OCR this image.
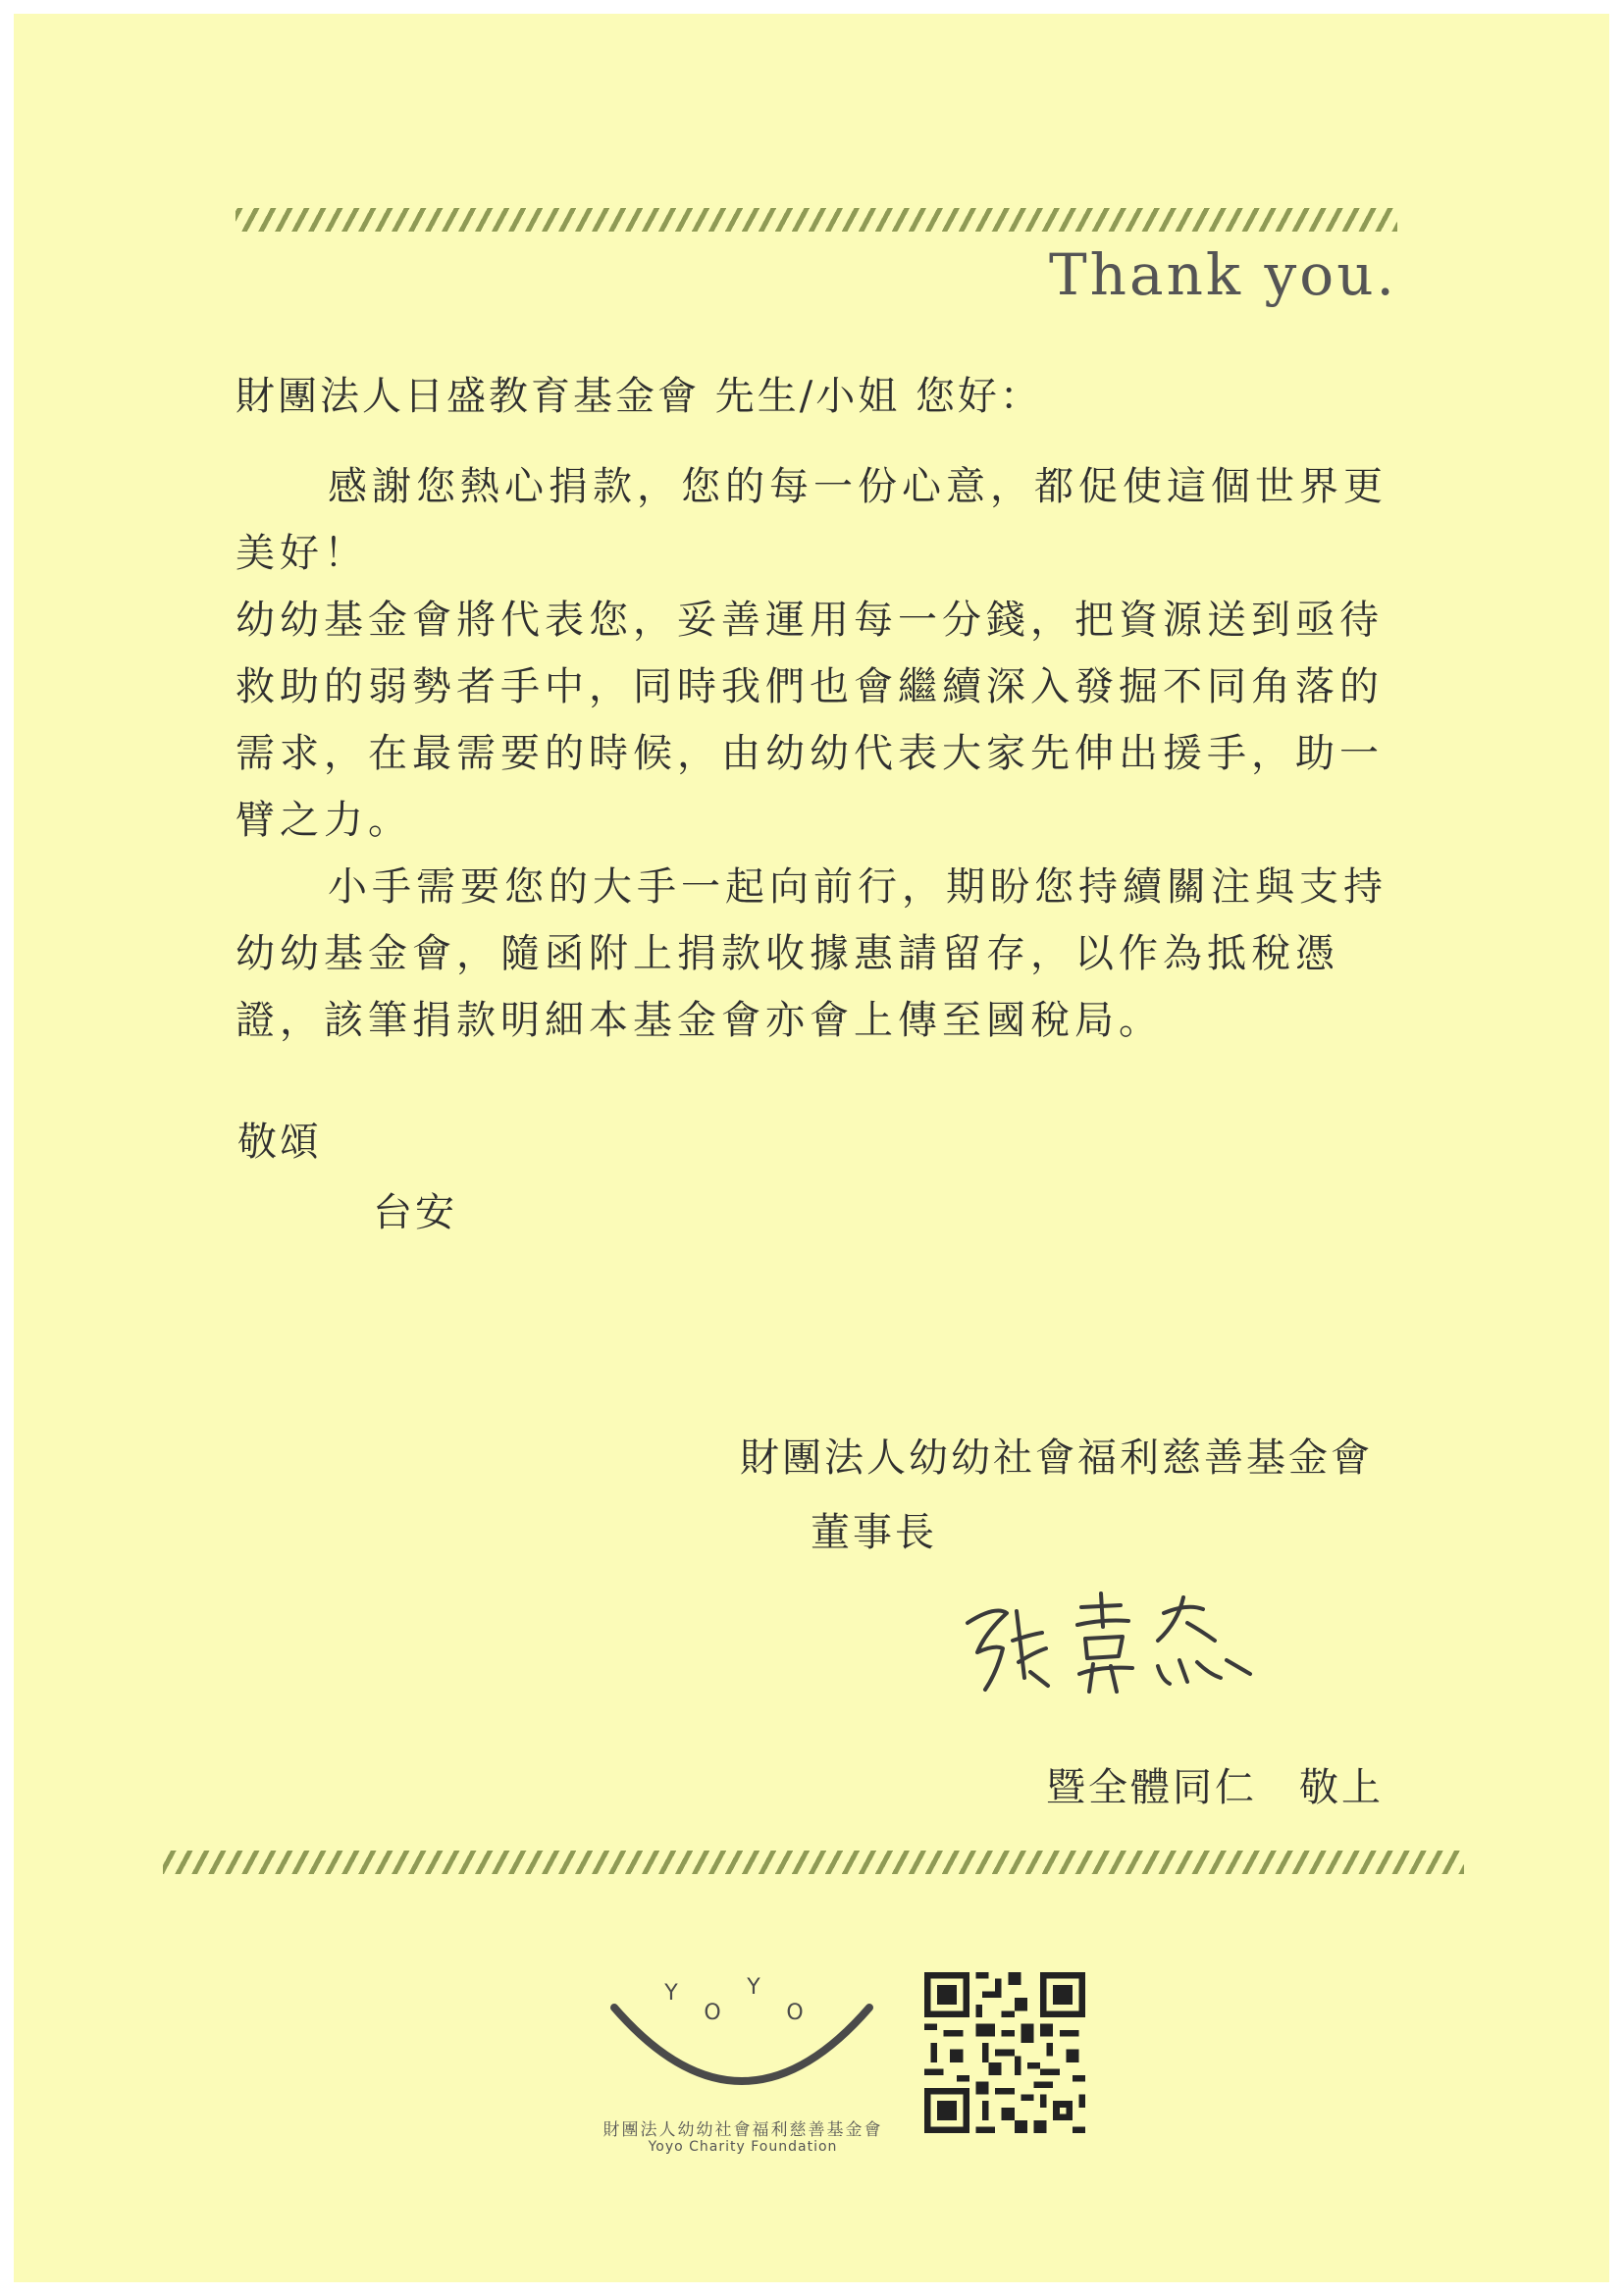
Thank you.
財團法人日盛教育基金會 先生/小姐 您好：
感謝您熱心捐款，您的每一份心意，都促使這個世界更美好！
幼幼基金會將代表您，妥善運用每一分錢，把資源送到亟待救助的弱勢者手中，同時我們也會繼續深入發掘不同角落的需求，在最需要的時候，由幼幼代表大家先伸出援手，助一臂之力。
小手需要您的大手一起向前行，期盼您持續關注與支持幼幼基金會，隨函附上捐款收據惠請留存，以作為抵稅憑證，該筆捐款明細本基金會亦會上傳至國稅局。
敬頌
台安
財團法人幼幼社會福利慈善基金會
董事長
暨全體同仁　敬上
Y
O
Y
O
財團法人幼幼社會福利慈善基金會
Yoyo Charity Foundation
